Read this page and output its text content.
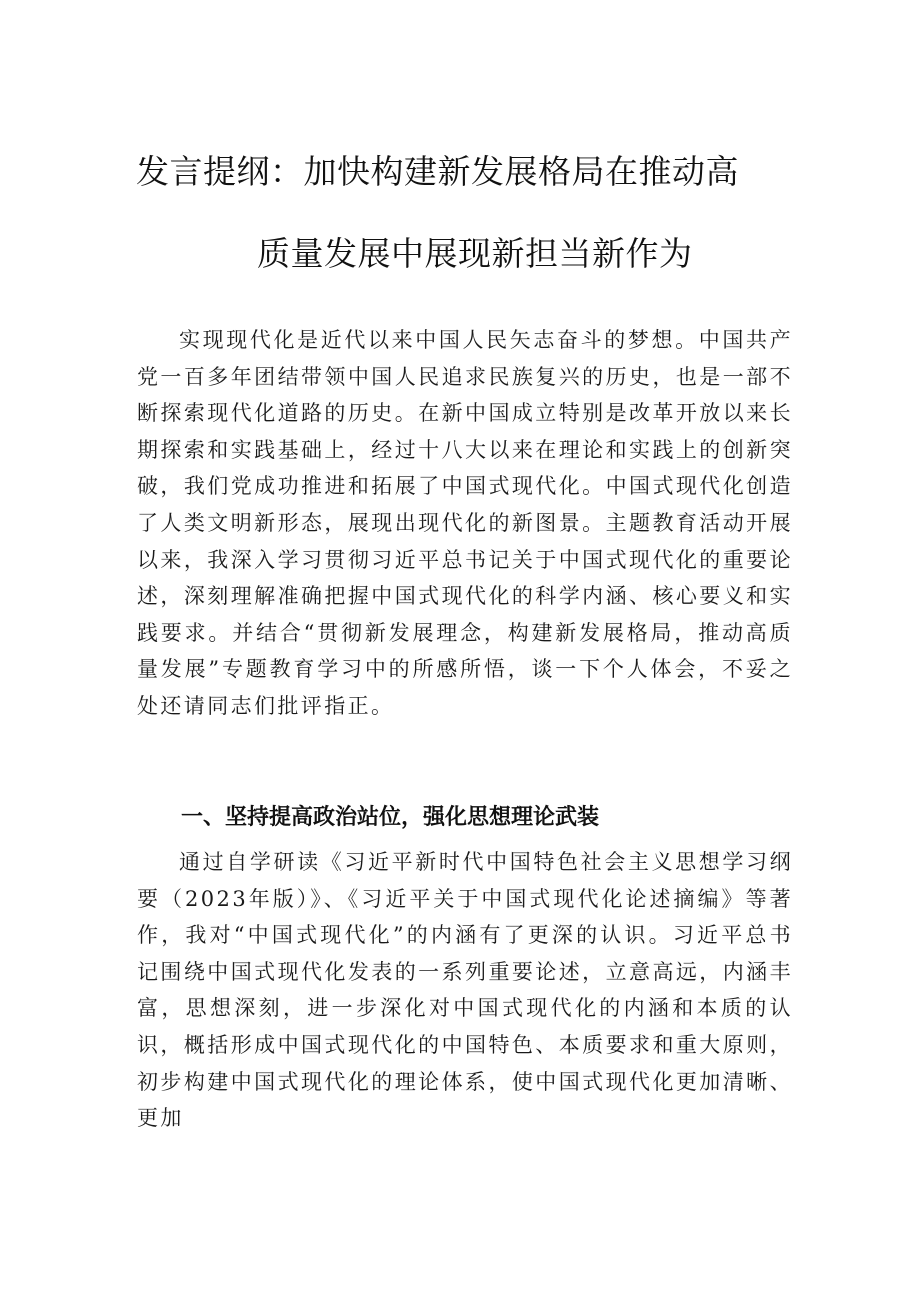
发言提纲：加快构建新发展格局在推动高
质量发展中展现新担当新作为

实现现代化是近代以来中国人民矢志奋斗的梦想。中国共产党一百多年团结带领中国人民追求民族复兴的历史，也是一部不断探索现代化道路的历史。在新中国成立特别是改革开放以来长期探索和实践基础上，经过十八大以来在理论和实践上的创新突破，我们党成功推进和拓展了中国式现代化。中国式现代化创造了人类文明新形态，展现出现代化的新图景。主题教育活动开展以来，我深入学习贯彻习近平总书记关于中国式现代化的重要论述，深刻理解准确把握中国式现代化的科学内涵、核心要义和实践要求。并结合“贯彻新发展理念，构建新发展格局，推动高质量发展”专题教育学习中的所感所悟，谈一下个人体会，不妥之处还请同志们批评指正。

一、坚持提高政治站位，强化思想理论武装

通过自学研读《习近平新时代中国特色社会主义思想学习纲要（2023年版）》、《习近平关于中国式现代化论述摘编》等著作，我对“中国式现代化”的内涵有了更深的认识。习近平总书记围绕中国式现代化发表的一系列重要论述，立意高远，内涵丰富，思想深刻，进一步深化对中国式现代化的内涵和本质的认识，概括形成中国式现代化的中国特色、本质要求和重大原则，初步构建中国式现代化的理论体系，使中国式现代化更加清晰、更加
